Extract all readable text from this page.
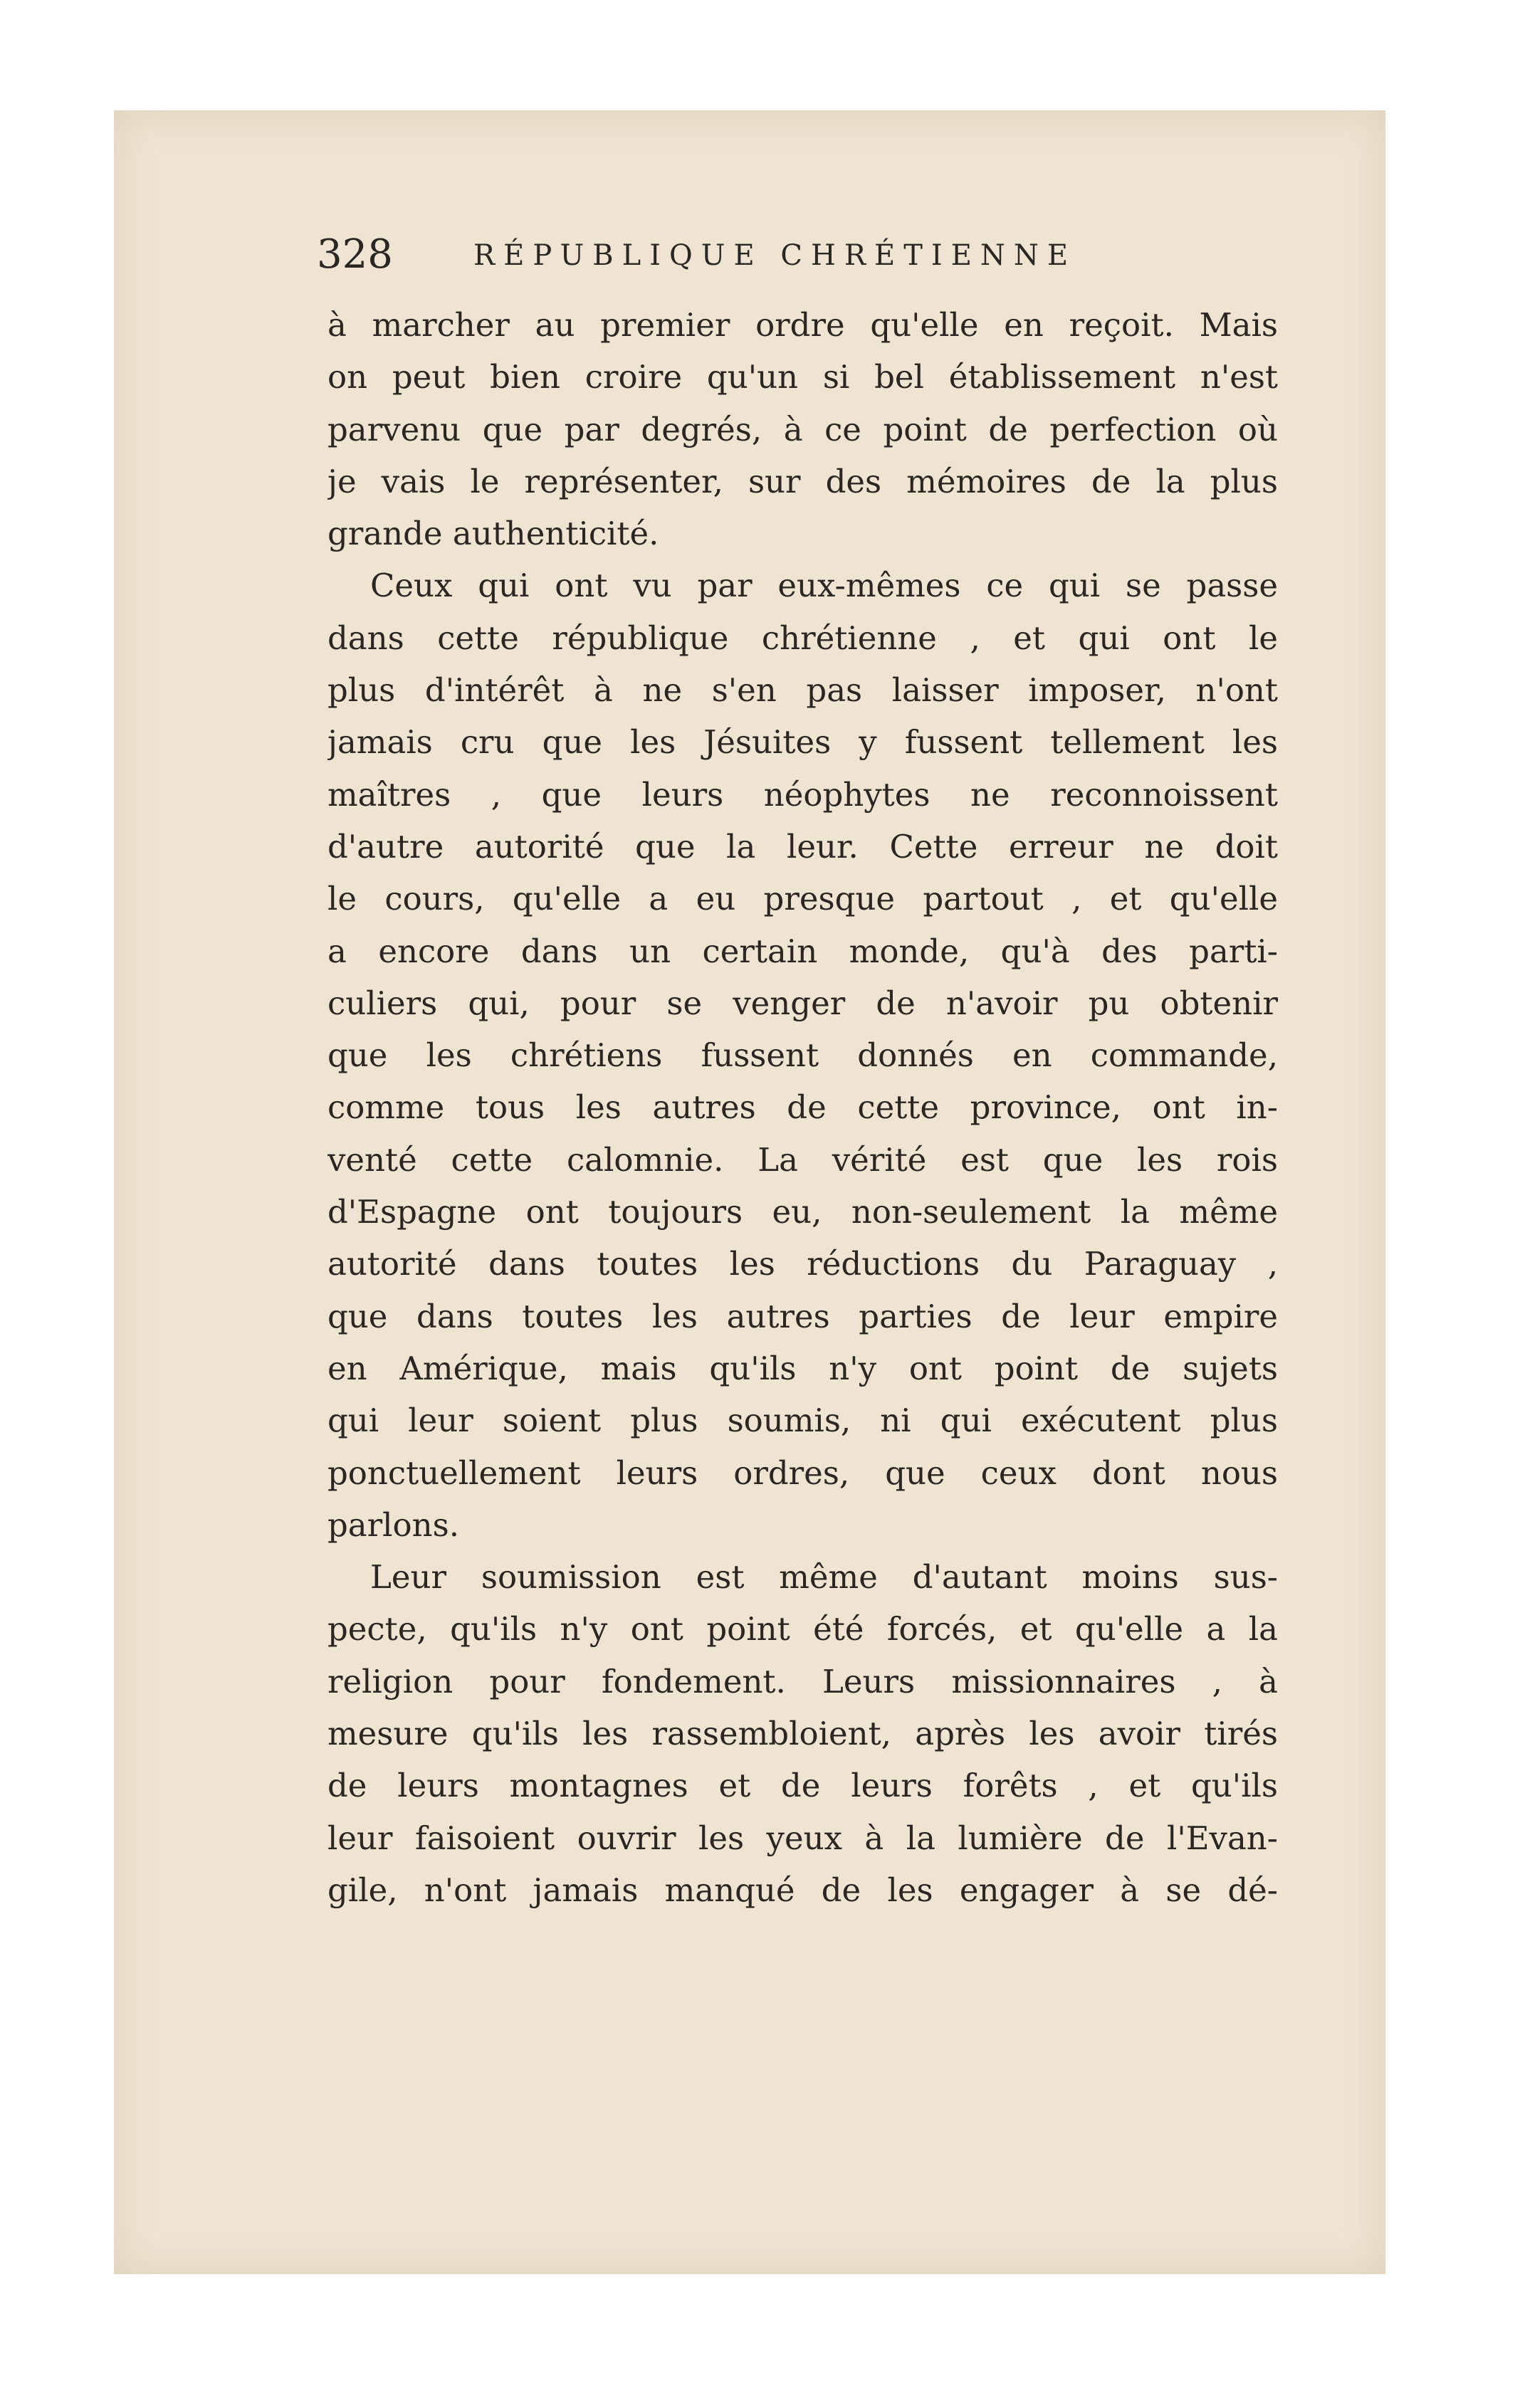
328	RÉPUBLIQUE CHRÉTIENNE
à marcher au premier ordre qu'elle en reçoit. Mais
on peut bien croire qu'un si bel établissement n'est
parvenu que par degrés, à ce point de perfection où
je vais le représenter, sur des mémoires de la plus
grande authenticité.
Ceux qui ont vu par eux-mêmes ce qui se passe
dans cette république chrétienne , et qui ont le
plus d'intérêt à ne s'en pas laisser imposer, n'ont
jamais cru que les Jésuites y fussent tellement les
maîtres , que leurs néophytes ne reconnoissent
d'autre autorité que la leur. Cette erreur ne doit
le cours, qu'elle a eu presque partout , et qu'elle
a encore dans un certain monde, qu'à des parti-
culiers qui, pour se venger de n'avoir pu obtenir
que les chrétiens fussent donnés en commande,
comme tous les autres de cette province, ont in-
venté cette calomnie. La vérité est que les rois
d'Espagne ont toujours eu, non-seulement la même
autorité dans toutes les réductions du Paraguay ,
que dans toutes les autres parties de leur empire
en Amérique, mais qu'ils n'y ont point de sujets
qui leur soient plus soumis, ni qui exécutent plus
ponctuellement leurs ordres, que ceux dont nous
parlons.
Leur soumission est même d'autant moins sus-
pecte, qu'ils n'y ont point été forcés, et qu'elle a la
religion pour fondement. Leurs missionnaires , à
mesure qu'ils les rassembloient, après les avoir tirés
de leurs montagnes et de leurs forêts , et qu'ils
leur faisoient ouvrir les yeux à la lumière de l'Evan-
gile, n'ont jamais manqué de les engager à se dé-
